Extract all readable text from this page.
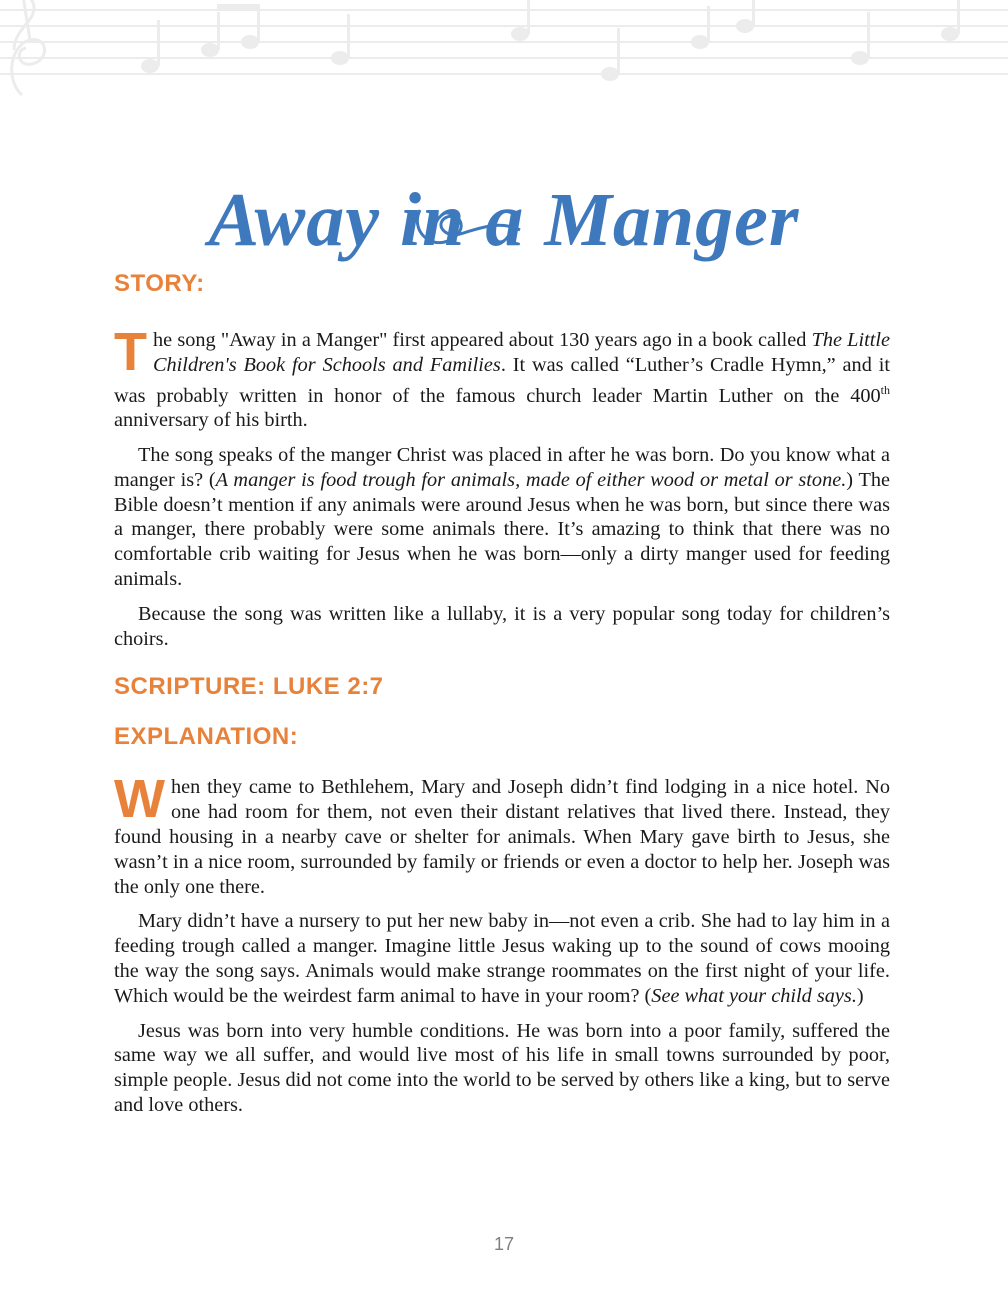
Away in a Manger
STORY:

The song "Away in a Manger" first appeared about 130 years ago in a book called The Little Children's Book for Schools and Families. It was called “Luther’s Cradle Hymn,” and it was probably written in honor of the famous church leader Martin Luther on the 400th anniversary of his birth.

The song speaks of the manger Christ was placed in after he was born. Do you know what a manger is? (A manger is food trough for animals, made of either wood or metal or stone.) The Bible doesn’t mention if any animals were around Jesus when he was born, but since there was a manger, there probably were some animals there. It’s amazing to think that there was no comfortable crib waiting for Jesus when he was born—only a dirty manger used for feeding animals.

Because the song was written like a lullaby, it is a very popular song today for children’s choirs.

SCRIPTURE: LUKE 2:7
EXPLANATION:

When they came to Bethlehem, Mary and Joseph didn’t find lodging in a nice hotel. No one had room for them, not even their distant relatives that lived there. Instead, they found housing in a nearby cave or shelter for animals. When Mary gave birth to Jesus, she wasn’t in a nice room, surrounded by family or friends or even a doctor to help her. Joseph was the only one there.

Mary didn’t have a nursery to put her new baby in—not even a crib. She had to lay him in a feeding trough called a manger. Imagine little Jesus waking up to the sound of cows mooing the way the song says. Animals would make strange roommates on the first night of your life. Which would be the weirdest farm animal to have in your room? (See what your child says.)

Jesus was born into very humble conditions. He was born into a poor family, suffered the same way we all suffer, and would live most of his life in small towns surrounded by poor, simple people. Jesus did not come into the world to be served by others like a king, but to serve and love others.

17
